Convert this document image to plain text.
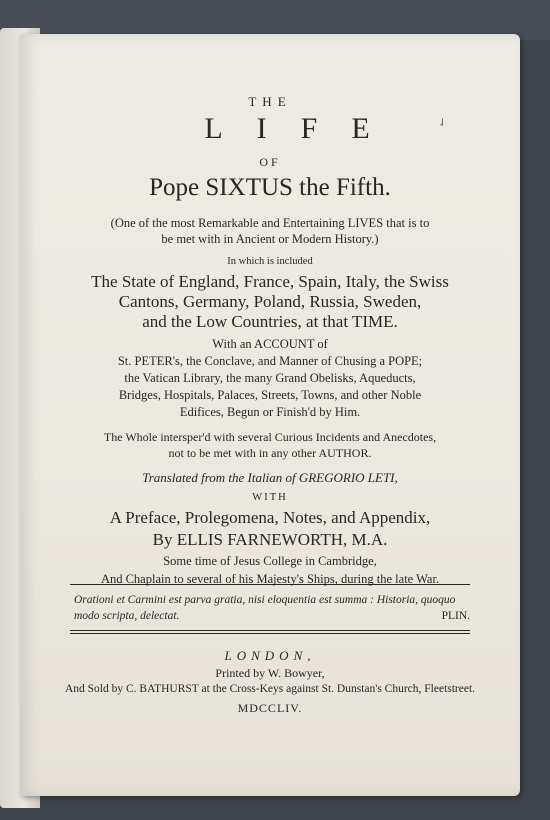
✓
THE
LIFE
OF
Pope SIXTUS the Fifth.
(One of the most Remarkable and Entertaining LIVES that is to
be met with in Ancient or Modern History.)
In which is included
The State of England, France, Spain, Italy, the Swiss
Cantons, Germany, Poland, Russia, Sweden,
and the Low Countries, at that TIME.
With an ACCOUNT of
St. PETER's, the Conclave, and Manner of Chusing a POPE;
the Vatican Library, the many Grand Obelisks, Aqueducts,
Bridges, Hospitals, Palaces, Streets, Towns, and other Noble
Edifices, Begun or Finish'd by Him.
The Whole intersper'd with several Curious Incidents and Anecdotes,
not to be met with in any other AUTHOR.
Translated from the Italian of GREGORIO LETI,
WITH
A Preface, Prolegomena, Notes, and Appendix,
By ELLIS FARNEWORTH, M.A.
Some time of Jesus College in Cambridge,
And Chaplain to several of his Majesty's Ships, during the late War.
Orationi et Carmini est parva gratia, nisi eloquentia est summa : Historia, quoquo
modo scripta, delectat.	PLIN.
LONDON,
Printed by W. Bowyer,
And Sold by C. BATHURST at the Cross-Keys against St. Dunstan's Church, Fleetstreet.
MDCCLIV.
